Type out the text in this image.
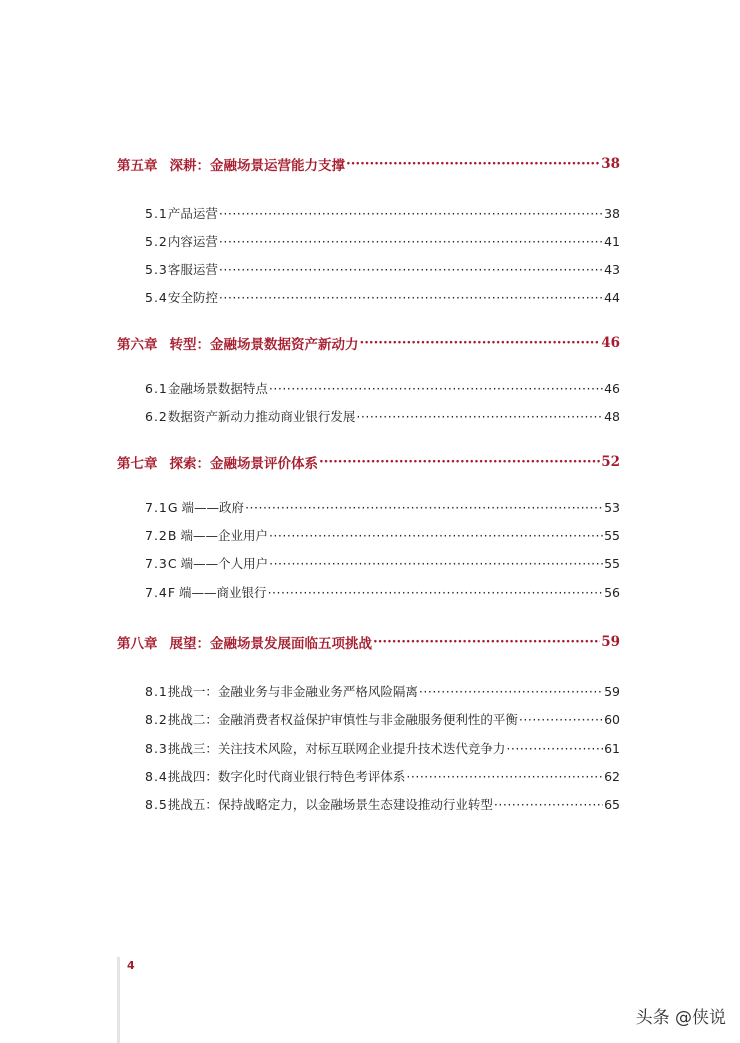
第五章 深耕：金融场景运营能力支撑 ·····	38
5.1 产品运营 ·····	38
5.2 内容运营 ·····	41
5.3 客服运营 ·····	43
5.4 安全防控 ·····	44
第六章 转型：金融场景数据资产新动力 ·····	46
6.1 金融场景数据特点 ·····	46
6.2 数据资产新动力推动商业银行发展 ·····	48
第七章 探索：金融场景评价体系 ·····	52
7.1 G 端——政府 ·····	53
7.2 B 端——企业用户 ·····	55
7.3 C 端——个人用户 ·····	55
7.4 F 端——商业银行 ·····	56
第八章 展望：金融场景发展面临五项挑战 ·····	59
8.1 挑战一：金融业务与非金融业务严格风险隔离 ·····	59
8.2 挑战二：金融消费者权益保护审慎性与非金融服务便利性的平衡 ·····	60
8.3 挑战三：关注技术风险，对标互联网企业提升技术迭代竞争力 ·····	61
8.4 挑战四：数字化时代商业银行特色考评体系 ·····	62
8.5 挑战五：保持战略定力，以金融场景生态建设推动行业转型 ·····	65
4
头条 @侠说
